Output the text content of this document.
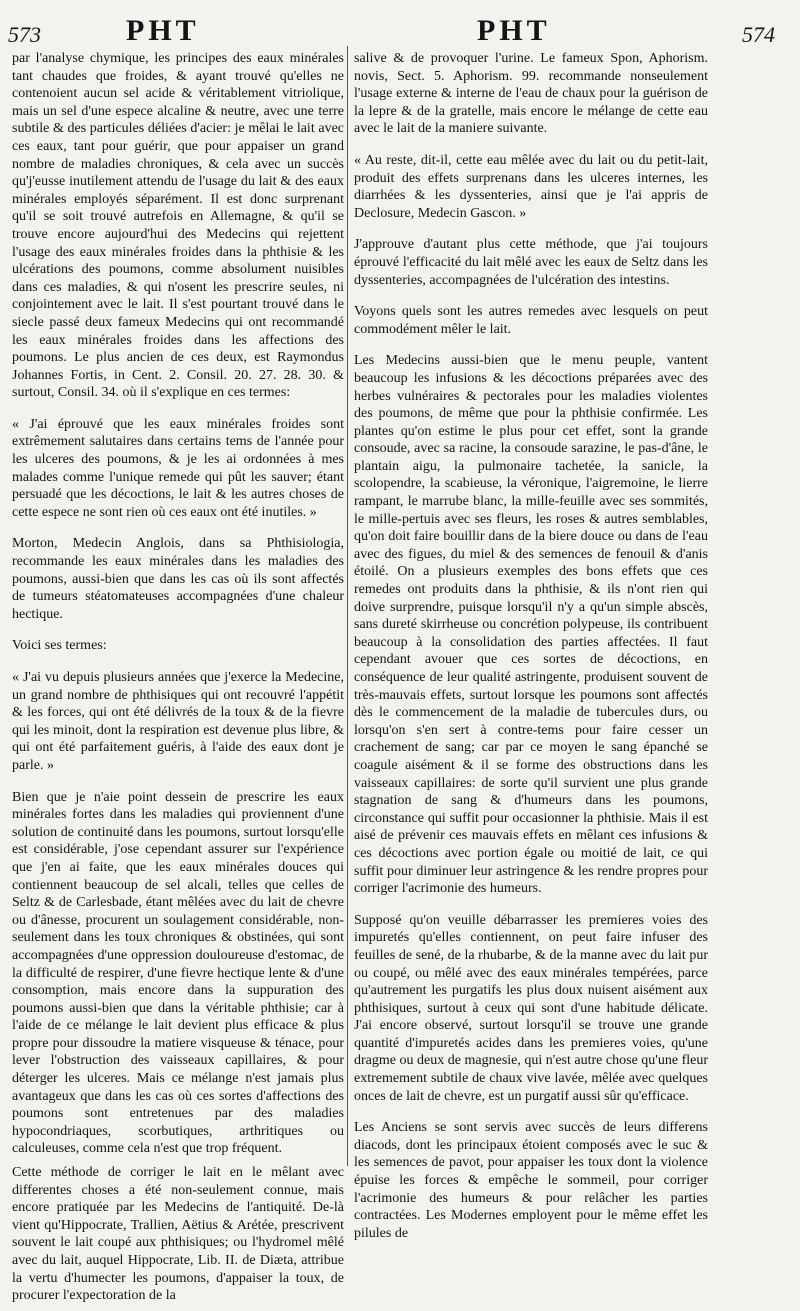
573	PHT	PHT	574

par l'analyse chymique, les principes des eaux minérales tant chaudes que froides, & ayant trouvé qu'elles ne contenoient aucun sel acide & véritablement vitriolique, mais un sel d'une espece alcaline & neutre, avec une terre subtile & des particules déliées d'acier: je mêlai le lait avec ces eaux, tant pour guérir, que pour appaiser un grand nombre de maladies chroniques, & cela avec un succès qu'j'eusse inutilement attendu de l'usage du lait & des eaux minérales employés séparément. Il est donc surprenant qu'il se soit trouvé autrefois en Allemagne, & qu'il se trouve encore aujourd'hui des Medecins qui rejettent l'usage des eaux minérales froides dans la phthisie & les ulcérations des poumons, comme absolument nuisibles dans ces maladies, & qui n'osent les prescrire seules, ni conjointement avec le lait. Il s'est pourtant trouvé dans le siecle passé deux fameux Medecins qui ont recommandé les eaux minérales froides dans les affections des poumons. Le plus ancien de ces deux, est Raymondus Johannes Fortis, in Cent. 2. Consil. 20. 27. 28. 30. & surtout, Consil. 34. où il s'explique en ces termes:

« J'ai éprouvé que les eaux minérales froides sont extrêmement salutaires dans certains tems de l'année pour les ulceres des poumons, & je les ai ordonnées à mes malades comme l'unique remede qui pût les sauver; étant persuadé que les décoctions, le lait & les autres choses de cette espece ne sont rien où ces eaux ont été inutiles. »

Morton, Medecin Anglois, dans sa Phthisiologia, recommande les eaux minérales dans les maladies des poumons, aussi-bien que dans les cas où ils sont affectés de tumeurs stéatomateuses accompagnées d'une chaleur hectique.

Voici ses termes:

« J'ai vu depuis plusieurs années que j'exerce la Medecine, un grand nombre de phthisiques qui ont recouvré l'appétit & les forces, qui ont été délivrés de la toux & de la fievre qui les minoit, dont la respiration est devenue plus libre, & qui ont été parfaitement guéris, à l'aide des eaux dont je parle. »

Bien que je n'aie point dessein de prescrire les eaux minérales fortes dans les maladies qui proviennent d'une solution de continuité dans les poumons, surtout lorsqu'elle est considérable, j'ose cependant assurer sur l'expérience que j'en ai faite, que les eaux minérales douces qui contiennent beaucoup de sel alcali, telles que celles de Seltz & de Carlesbade, étant mêlées avec du lait de chevre ou d'ânesse, procurent un soulagement considérable, non-seulement dans les toux chroniques & obstinées, qui sont accompagnées d'une oppression douloureuse d'estomac, de la difficulté de respirer, d'une fievre hectique lente & d'une consomption, mais encore dans la suppuration des poumons aussi-bien que dans la véritable phthisie; car à l'aide de ce mélange le lait devient plus efficace & plus propre pour dissoudre la matiere visqueuse & ténace, pour lever l'obstruction des vaisseaux capillaires, & pour déterger les ulceres. Mais ce mélange n'est jamais plus avantageux que dans les cas où ces sortes d'affections des poumons sont entretenues par des maladies hypocondriaques, scorbutiques, arthritiques ou calculeuses, comme cela n'est que trop fréquent.

Cette méthode de corriger le lait en le mêlant avec differentes choses a été non-seulement connue, mais encore pratiquée par les Medecins de l'antiquité. De-là vient qu'Hippocrate, Trallien, Aëtius & Arétée, prescrivent souvent le lait coupé aux phthisiques; ou l'hydromel mêlé avec du lait, auquel Hippocrate, Lib. II. de Diæta, attribue la vertu d'humecter les poumons, d'appaiser la toux, de procurer l'expectoration de la

salive & de provoquer l'urine. Le fameux Spon, Aphorism. novis, Sect. 5. Aphorism. 99. recommande nonseulement l'usage externe & interne de l'eau de chaux pour la guérison de la lepre & de la gratelle, mais encore le mélange de cette eau avec le lait de la maniere suivante.

« Au reste, dit-il, cette eau mêlée avec du lait ou du petit-lait, produit des effets surprenans dans les ulceres internes, les diarrhées & les dyssenteries, ainsi que je l'ai appris de Declosure, Medecin Gascon. »

J'approuve d'autant plus cette méthode, que j'ai toujours éprouvé l'efficacité du lait mêlé avec les eaux de Seltz dans les dyssenteries, accompagnées de l'ulcération des intestins.

Voyons quels sont les autres remedes avec lesquels on peut commodément mêler le lait.

Les Medecins aussi-bien que le menu peuple, vantent beaucoup les infusions & les décoctions préparées avec des herbes vulnéraires & pectorales pour les maladies violentes des poumons, de même que pour la phthisie confirmée. Les plantes qu'on estime le plus pour cet effet, sont la grande consoude, avec sa racine, la consoude sarazine, le pas-d'âne, le plantain aigu, la pulmonaire tachetée, la sanicle, la scolopendre, la scabieuse, la véronique, l'aigremoine, le lierre rampant, le marrube blanc, la mille-feuille avec ses sommités, le mille-pertuis avec ses fleurs, les roses & autres semblables, qu'on doit faire bouillir dans de la biere douce ou dans de l'eau avec des figues, du miel & des semences de fenouil & d'anis étoilé. On a plusieurs exemples des bons effets que ces remedes ont produits dans la phthisie, & ils n'ont rien qui doive surprendre, puisque lorsqu'il n'y a qu'un simple abscès, sans dureté skirrheuse ou concrétion polypeuse, ils contribuent beaucoup à la consolidation des parties affectées. Il faut cependant avouer que ces sortes de décoctions, en conséquence de leur qualité astringente, produisent souvent de très-mauvais effets, surtout lorsque les poumons sont affectés dès le commencement de la maladie de tubercules durs, ou lorsqu'on s'en sert à contre-tems pour faire cesser un crachement de sang; car par ce moyen le sang épanché se coagule aisément & il se forme des obstructions dans les vaisseaux capillaires: de sorte qu'il survient une plus grande stagnation de sang & d'humeurs dans les poumons, circonstance qui suffit pour occasionner la phthisie. Mais il est aisé de prévenir ces mauvais effets en mêlant ces infusions & ces décoctions avec portion égale ou moitié de lait, ce qui suffit pour diminuer leur astringence & les rendre propres pour corriger l'acrimonie des humeurs.

Supposé qu'on veuille débarrasser les premieres voies des impuretés qu'elles contiennent, on peut faire infuser des feuilles de sené, de la rhubarbe, & de la manne avec du lait pur ou coupé, ou mêlé avec des eaux minérales tempérées, parce qu'autrement les purgatifs les plus doux nuisent aisément aux phthisiques, surtout à ceux qui sont d'une habitude délicate. J'ai encore observé, surtout lorsqu'il se trouve une grande quantité d'impuretés acides dans les premieres voies, qu'une dragme ou deux de magnesie, qui n'est autre chose qu'une fleur extremement subtile de chaux vive lavée, mêlée avec quelques onces de lait de chevre, est un purgatif aussi sûr qu'efficace.

Les Anciens se sont servis avec succès de leurs differens diacods, dont les principaux étoient composés avec le suc & les semences de pavot, pour appaiser les toux dont la violence épuise les forces & empêche le sommeil, pour corriger l'acrimonie des humeurs & pour relâcher les parties contractées. Les Modernes employent pour le même effet les pilules de
